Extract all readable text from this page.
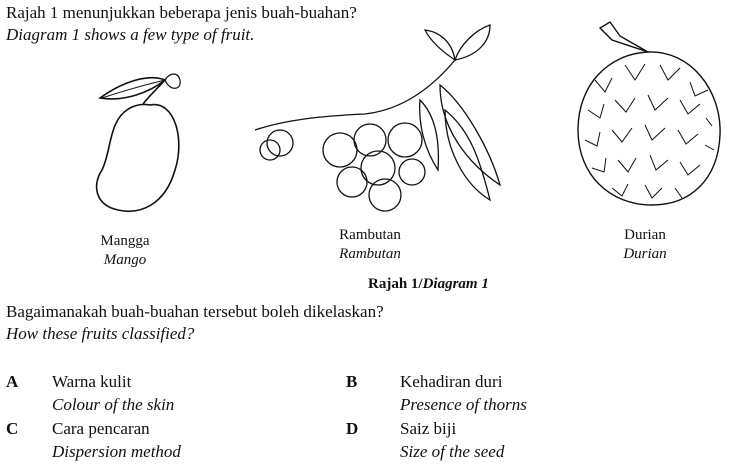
Rajah 1 menunjukkan beberapa jenis buah-buahan?
Diagram 1 shows a few type of fruit.
Mangga
Mango
Rambutan
Rambutan
Durian
Durian
Rajah 1/Diagram 1
Bagaimanakah buah-buahan tersebut boleh dikelaskan?
How these fruits classified?
A Warna kulit
Colour of the skin
B	Kehadiran duri
Presence of thorns
C Cara pencaran
Dispersion method
D Saiz biji
Size of the seed
